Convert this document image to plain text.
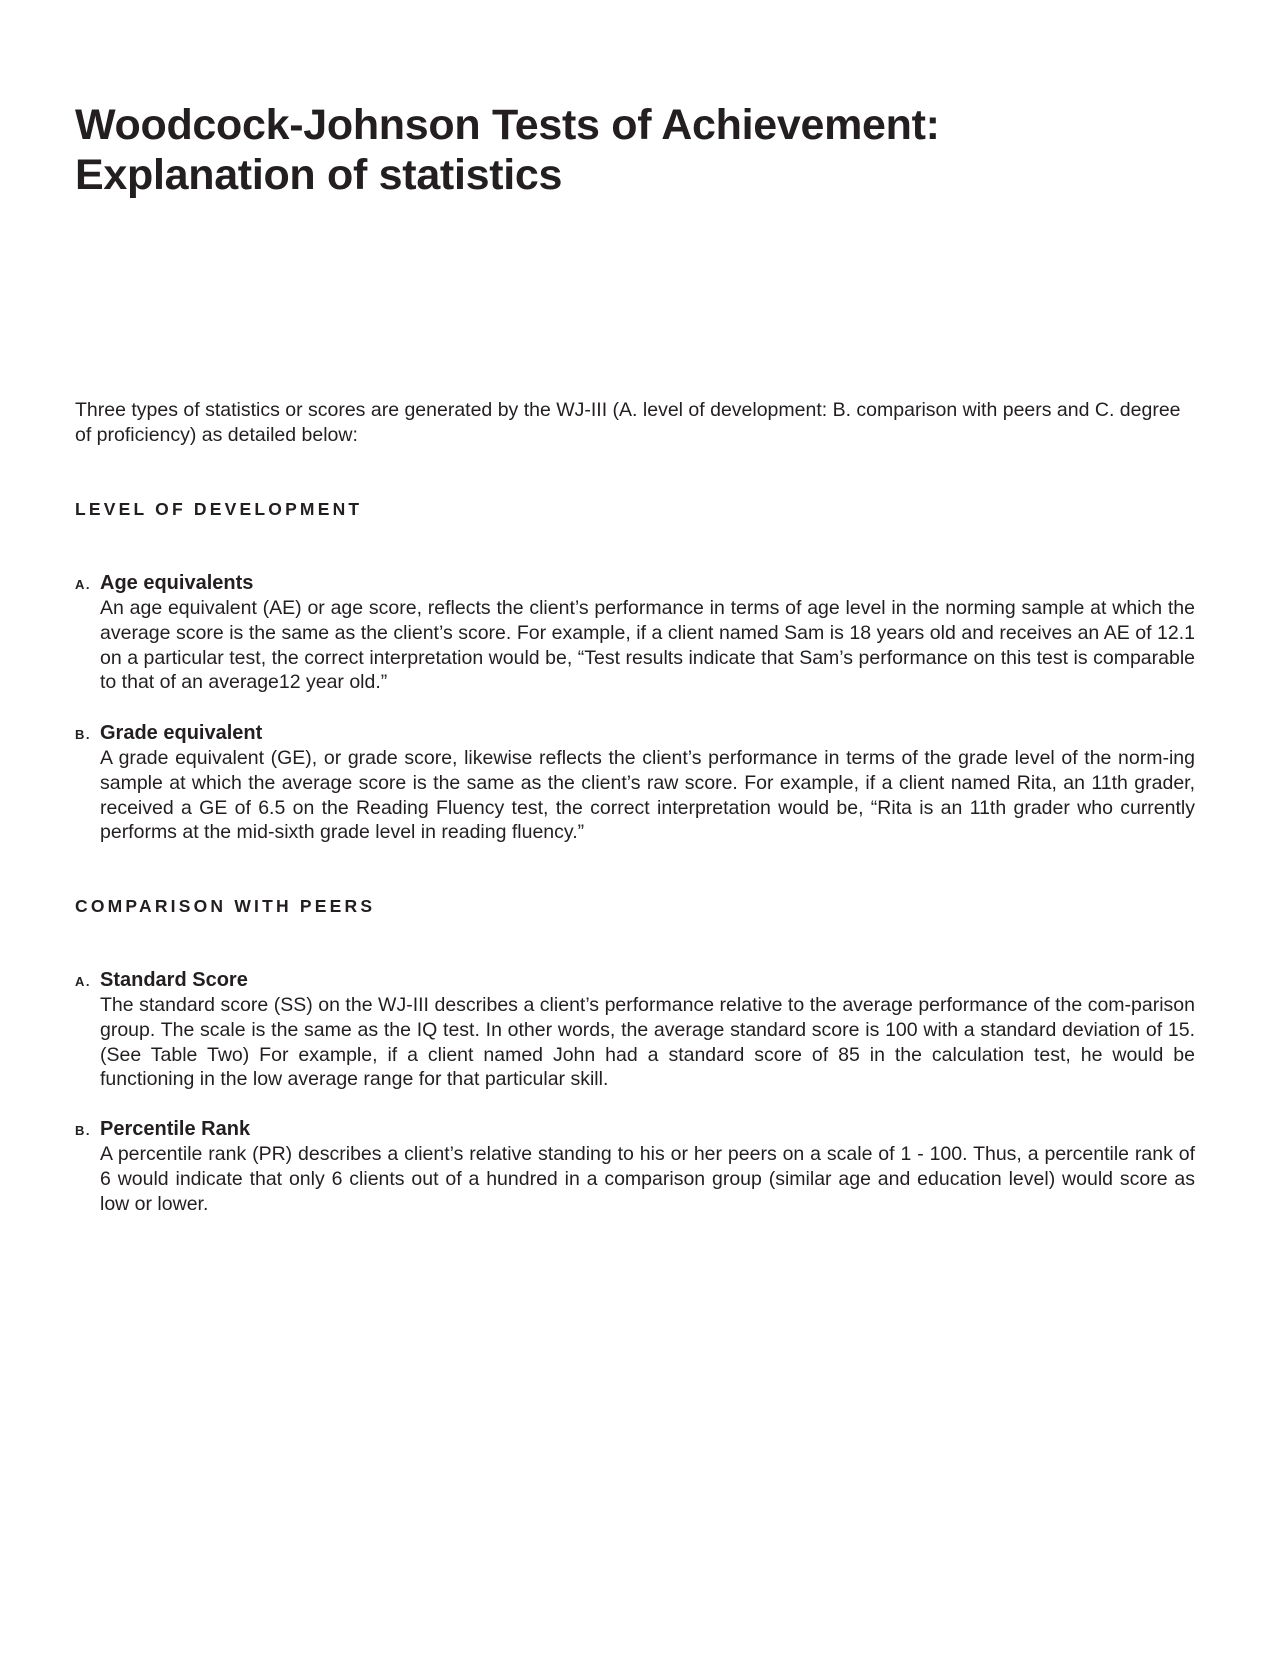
Woodcock-Johnson Tests of Achievement:
Explanation of statistics

Three types of statistics or scores are generated by the WJ-III (A. level of development: B. comparison with peers and C. degree of proficiency) as detailed below:

LEVEL OF DEVELOPMENT
A. Age equivalents

An age equivalent (AE) or age score, reflects the client’s performance in terms of age level in the norming sample at which the average score is the same as the client’s score. For example, if a client named Sam is 18 years old and receives an AE of 12.1 on a particular test, the correct interpretation would be, “Test results indicate that Sam’s performance on this test is comparable to that of an average12 year old.”

B. Grade equivalent

A grade equivalent (GE), or grade score, likewise reflects the client’s performance in terms of the grade level of the norm-ing sample at which the average score is the same as the client’s raw score. For example, if a client named Rita, an 11th grader, received a GE of 6.5 on the Reading Fluency test, the correct interpretation would be, “Rita is an 11th grader who currently performs at the mid-sixth grade level in reading fluency.”

COMPARISON WITH PEERS
A. Standard Score

The standard score (SS) on the WJ-III describes a client’s performance relative to the average performance of the com-parison group. The scale is the same as the IQ test. In other words, the average standard score is 100 with a standard deviation of 15. (See Table Two) For example, if a client named John had a standard score of 85 in the calculation test, he would be functioning in the low average range for that particular skill.

B. Percentile Rank

A percentile rank (PR) describes a client’s relative standing to his or her peers on a scale of 1 - 100. Thus, a percentile rank of 6 would indicate that only 6 clients out of a hundred in a comparison group (similar age and education level) would score as low or lower.
